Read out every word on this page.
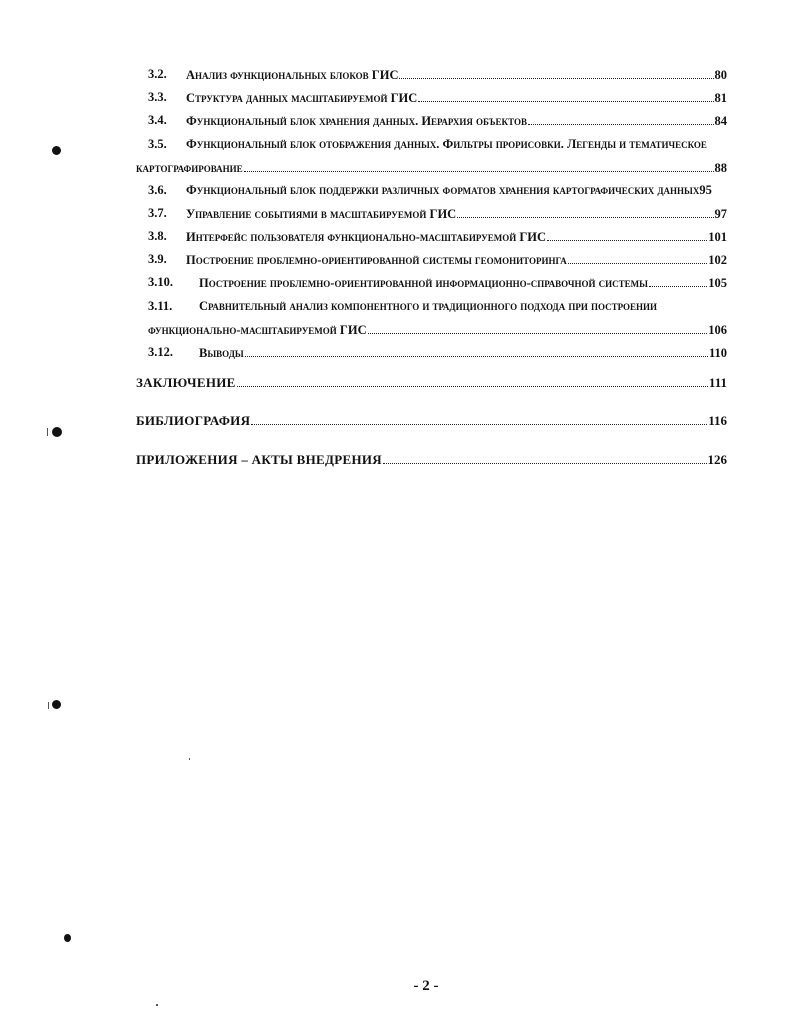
3.2. Анализ функциональных блоков ГИС	80
3.3. Структура данных масштабируемой ГИС	81
3.4. Функциональный блок хранения данных. Иерархия объектов	84
3.5. Функциональный блок отображения данных. Фильтры прорисовки. Легенды и тематическое
картографирование	88
3.6. Функциональный блок поддержки различных форматов хранения картографических данных95
3.7. Управление событиями в масштабируемой ГИС	97
3.8. Интерфейс пользователя функционально-масштабируемой ГИС	101
3.9. Построение проблемно-ориентированной системы геомониторинга	102
3.10. Построение проблемно-ориентированной информационно-справочной системы	105
3.11. Сравнительный анализ компонентного и традиционного подхода при построении
функционально-масштабируемой ГИС	106
3.12. Выводы	110
ЗАКЛЮЧЕНИЕ	111
БИБЛИОГРАФИЯ	116
ПРИЛОЖЕНИЯ – АКТЫ ВНЕДРЕНИЯ	126
- 2 -
